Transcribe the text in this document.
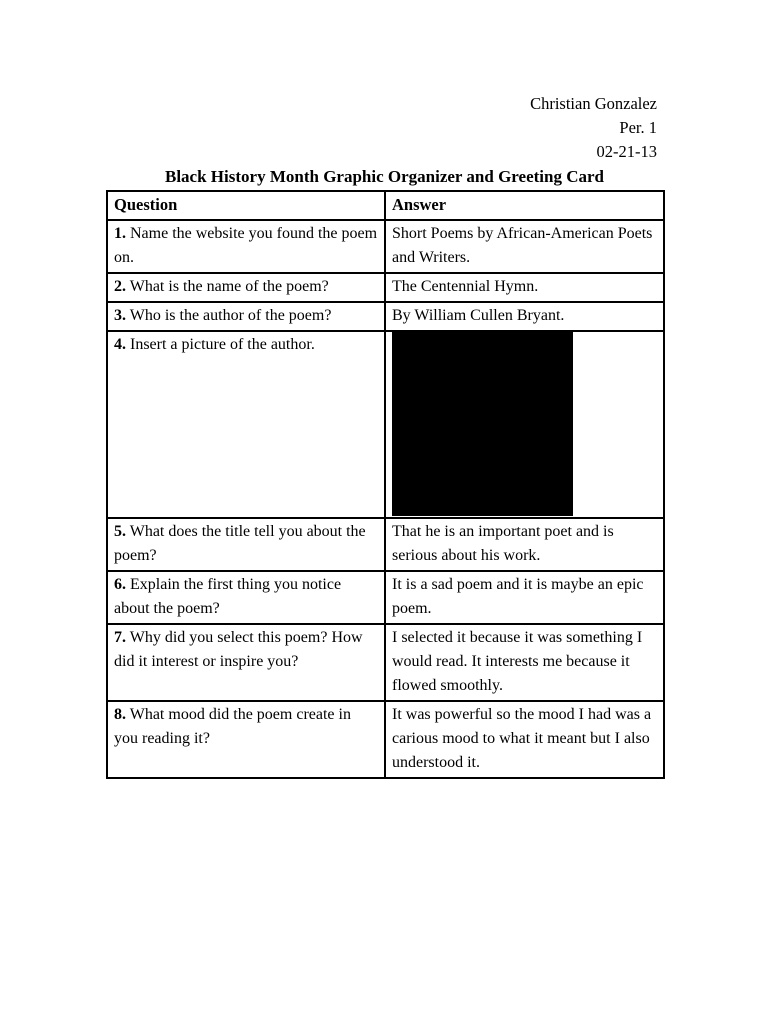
Christian Gonzalez
Per. 1
02-21-13
Black History Month Graphic Organizer and Greeting Card
Question	Answer
1. Name the website you found the poem on.	Short Poems by African-American Poets and Writers.
2. What is the name of the poem?	The Centennial Hymn.
3. Who is the author of the poem?	By William Cullen Bryant.
4. Insert a picture of the author.	

5. What does the title tell you about the poem?	That he is an important poet and is serious about his work.
6. Explain the first thing you notice about the poem?	It is a sad poem and it is maybe an epic poem.
7. Why did you select this poem? How did it interest or inspire you?	I selected it because it was something I would read. It interests me because it flowed smoothly.
8. What mood did the poem create in you reading it?	It was powerful so the mood I had was a carious mood to what it meant but I also understood it.
